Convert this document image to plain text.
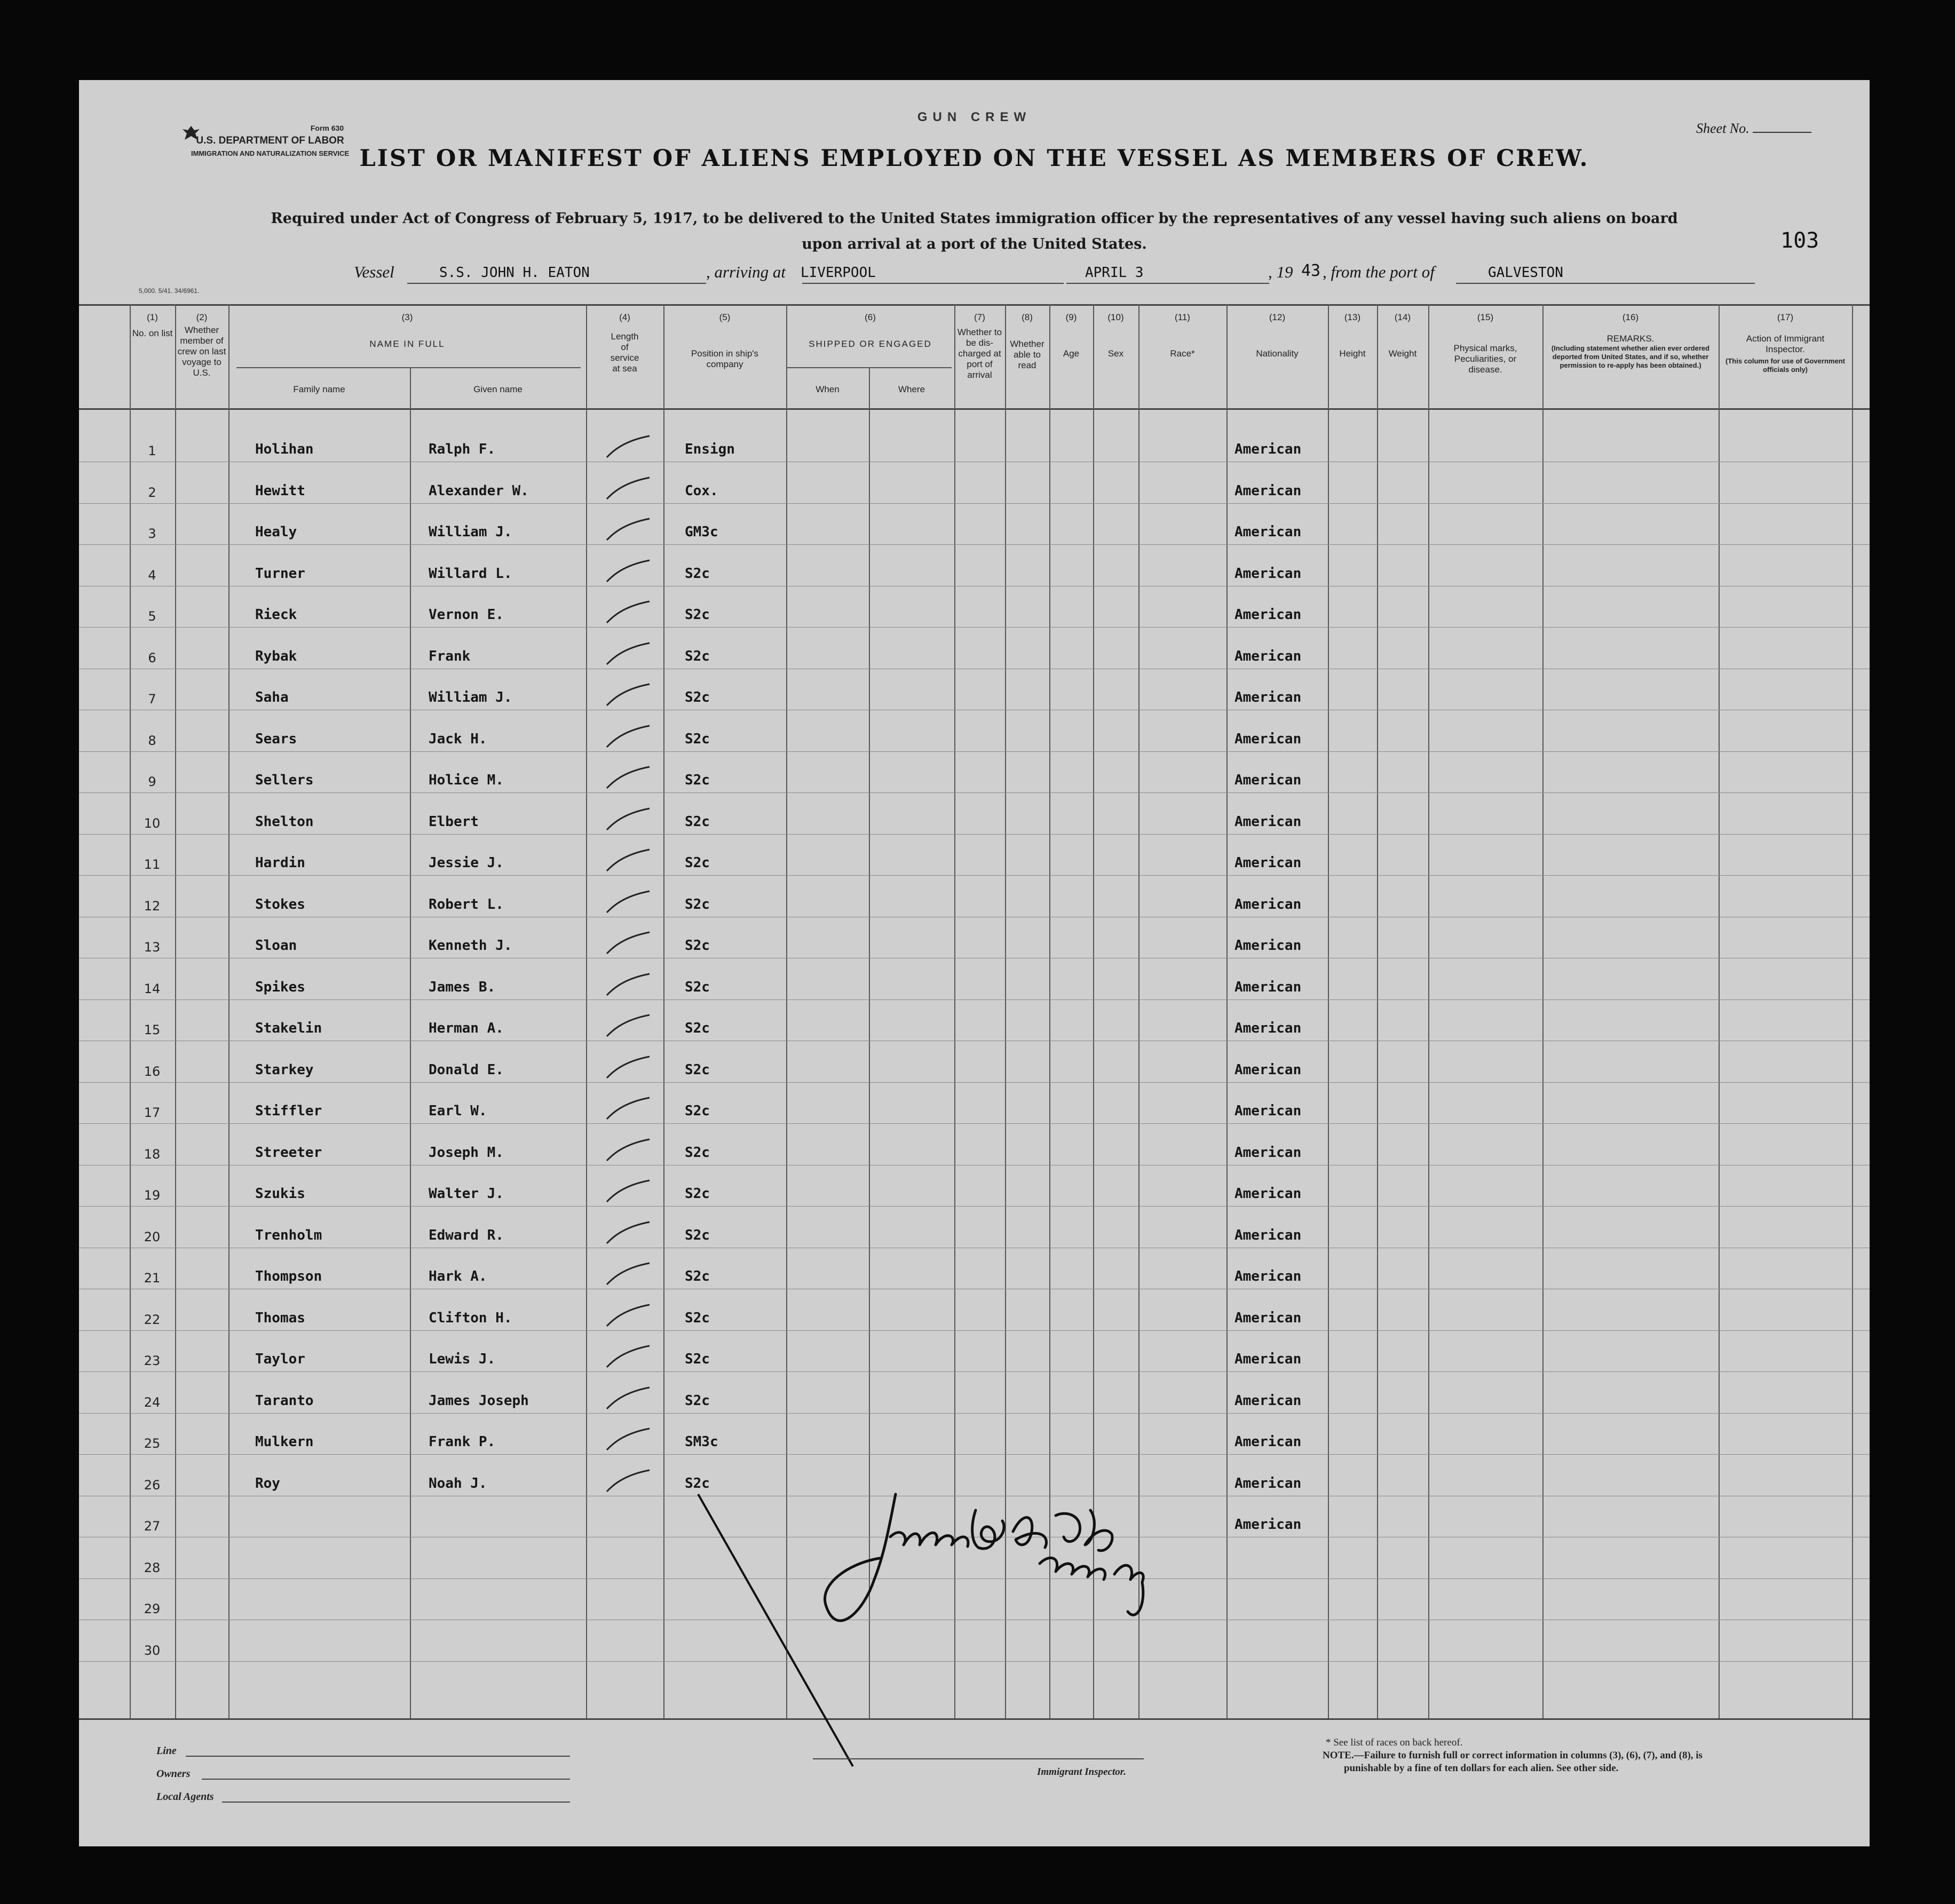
Form 630
U.S. DEPARTMENT OF LABOR
IMMIGRATION AND NATURALIZATION SERVICE
5,000. 5/41. 34/6961.
GUN CREW
LIST OR MANIFEST OF ALIENS EMPLOYED ON THE VESSEL AS MEMBERS OF CREW.
Required under Act of Congress of February 5, 1917, to be delivered to the United States immigration officer by the representatives of any vessel having such aliens on board
upon arrival at a port of the United States.
Sheet No.
103
Vessel	S.S. JOHN H. EATON	, arriving at LIVERPOOL	APRIL 3	, 19 43 , from the port of	GALVESTON
(1)
No. on list
(2)
Whether member of crew on last voyage to U.S.
(3)
NAME IN FULL
Family name	Given name
(4)
Length of service at sea
(5)
Position in ship's company
(6)
SHIPPED OR ENGAGED
When	Where
(7)
Whether to be dis-charged at port of arrival
(8)
Whether able to read
(9)
Age
(10)
Sex
(11)
Race*
(12)
Nationality
(13)
Height
(14)
Weight
(15)
Physical marks, Peculiarities, or disease.
(16)
REMARKS.
(Including statement whether alien ever ordered deported from United States, and if so, whether permission to re-apply has been obtained.)
(17)
Action of Immigrant Inspector.
(This column for use of Government officials only)
1	Holihan	Ralph F.	Ensign	American
2	Hewitt	Alexander W.	Cox.	American
3	Healy	William J.	GM3c	American
4	Turner	Willard L.	S2c	American
5	Rieck	Vernon E.	S2c	American
6	Rybak	Frank	S2c	American
7	Saha	William J.	S2c	American
8	Sears	Jack H.	S2c	American
9	Sellers	Holice M.	S2c	American
10	Shelton	Elbert	S2c	American
11	Hardin	Jessie J.	S2c	American
12	Stokes	Robert L.	S2c	American
13	Sloan	Kenneth J.	S2c	American
14	Spikes	James B.	S2c	American
15	Stakelin	Herman A.	S2c	American
16	Starkey	Donald E.	S2c	American
17	Stiffler	Earl W.	S2c	American
18	Streeter	Joseph M.	S2c	American
19	Szukis	Walter J.	S2c	American
20	Trenholm	Edward R.	S2c	American
21	Thompson	Hark A.	S2c	American
22	Thomas	Clifton H.	S2c	American
23	Taylor	Lewis J.	S2c	American
24	Taranto	James Joseph	S2c	American
25	Mulkern	Frank P.	SM3c	American
26	Roy	Noah J.	S2c	American
27	American
28
29
30
Line
Owners
Local Agents
Immigrant Inspector.
* See list of races on back hereof.
NOTE.—Failure to furnish full or correct information in columns (3), (6), (7), and (8), is
punishable by a fine of ten dollars for each alien. See other side.
